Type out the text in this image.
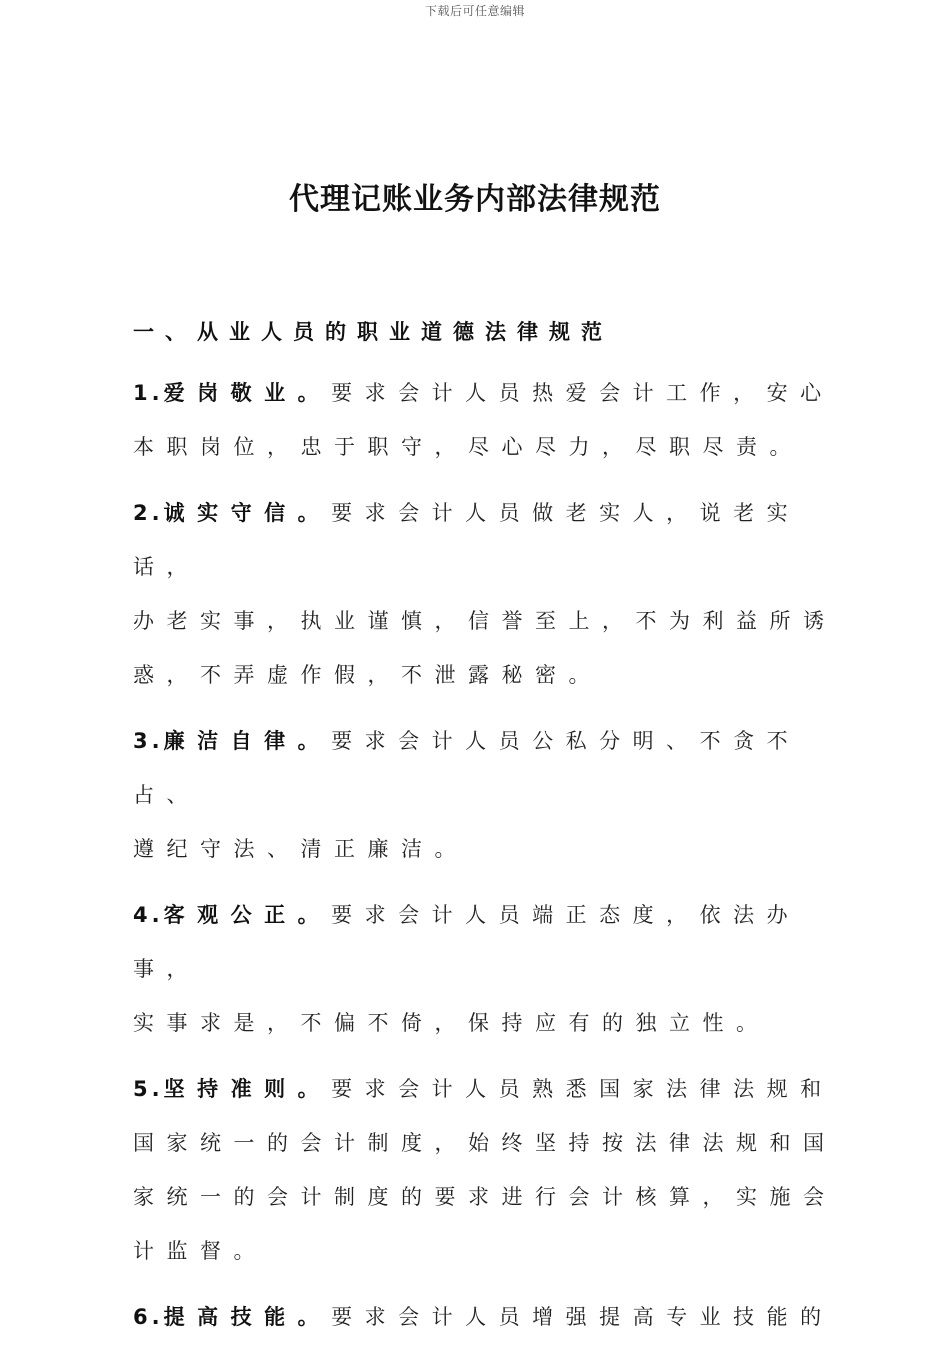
下载后可任意编辑
代理记账业务内部法律规范
一、从业人员的职业道德法律规范

1.爱岗敬业。要求会计人员热爱会计工作，安心
本职岗位，忠于职守，尽心尽力，尽职尽责。

2.诚实守信。要求会计人员做老实人，说老实话，
办老实事，执业谨慎，信誉至上，不为利益所诱
惑，不弄虚作假，不泄露秘密。

3.廉洁自律。要求会计人员公私分明、不贪不占、
遵纪守法、清正廉洁。

4.客观公正。要求会计人员端正态度，依法办事，
实事求是，不偏不倚，保持应有的独立性。

5.坚持准则。要求会计人员熟悉国家法律法规和
国家统一的会计制度，始终坚持按法律法规和国
家统一的会计制度的要求进行会计核算，实施会
计监督。

6.提高技能。要求会计人员增强提高专业技能的
